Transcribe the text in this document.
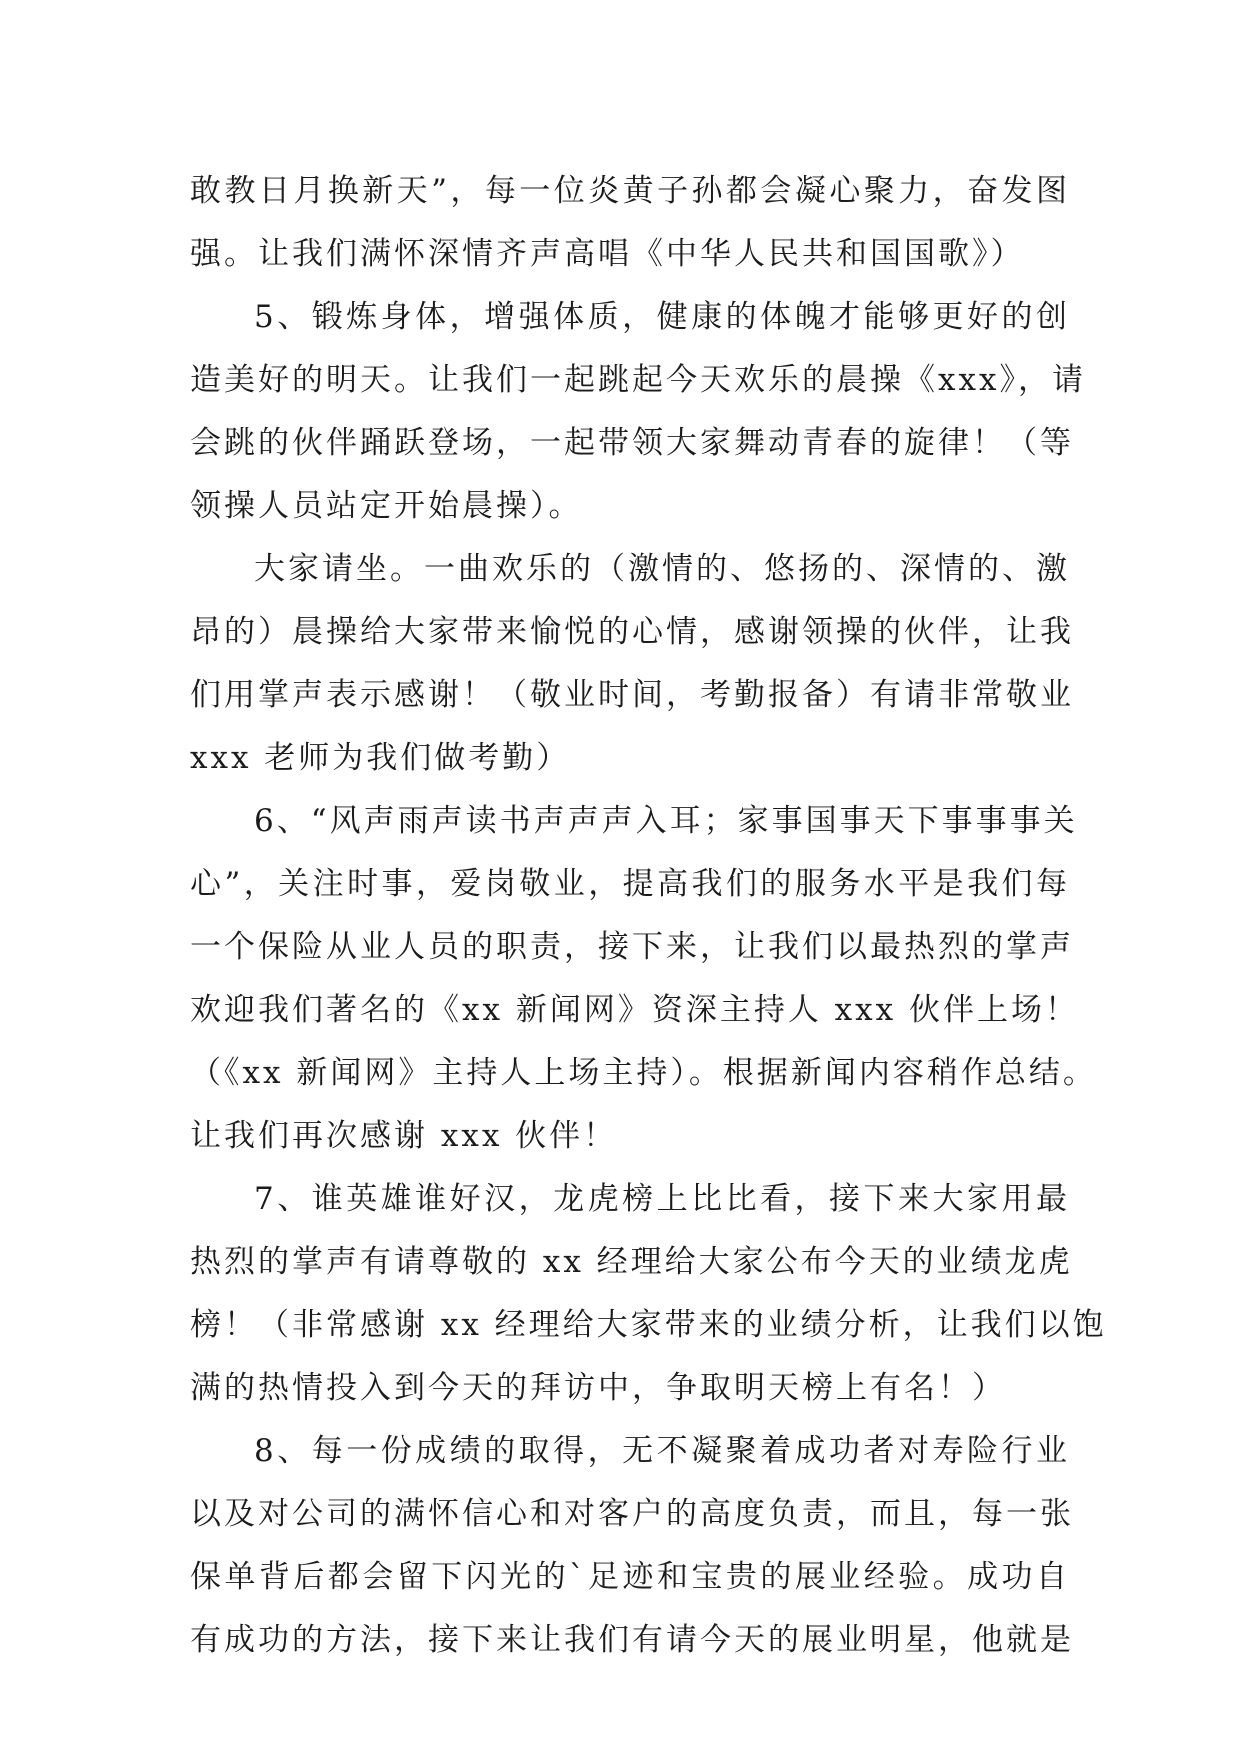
敢教日月换新天”，每一位炎黄子孙都会凝心聚力，奋发图
强。让我们满怀深情齐声高唱《中华人民共和国国歌》）
5、锻炼身体，增强体质，健康的体魄才能够更好的创
造美好的明天。让我们一起跳起今天欢乐的晨操《xxx》，请
会跳的伙伴踊跃登场，一起带领大家舞动青春的旋律！（等
领操人员站定开始晨操）。
大家请坐。一曲欢乐的（激情的、悠扬的、深情的、激
昂的）晨操给大家带来愉悦的心情，感谢领操的伙伴，让我
们用掌声表示感谢！（敬业时间，考勤报备）有请非常敬业
xxx 老师为我们做考勤）
6、“风声雨声读书声声声入耳；家事国事天下事事事关
心”，关注时事，爱岗敬业，提高我们的服务水平是我们每
一个保险从业人员的职责，接下来，让我们以最热烈的掌声
欢迎我们著名的《xx 新闻网》资深主持人 xxx 伙伴上场！
（《xx 新闻网》主持人上场主持）。根据新闻内容稍作总结。
让我们再次感谢 xxx 伙伴！
7、谁英雄谁好汉，龙虎榜上比比看，接下来大家用最
热烈的掌声有请尊敬的 xx 经理给大家公布今天的业绩龙虎
榜！（非常感谢 xx 经理给大家带来的业绩分析，让我们以饱
满的热情投入到今天的拜访中，争取明天榜上有名！）
8、每一份成绩的取得，无不凝聚着成功者对寿险行业
以及对公司的满怀信心和对客户的高度负责，而且，每一张
保单背后都会留下闪光的`足迹和宝贵的展业经验。成功自
有成功的方法，接下来让我们有请今天的展业明星，他就是
